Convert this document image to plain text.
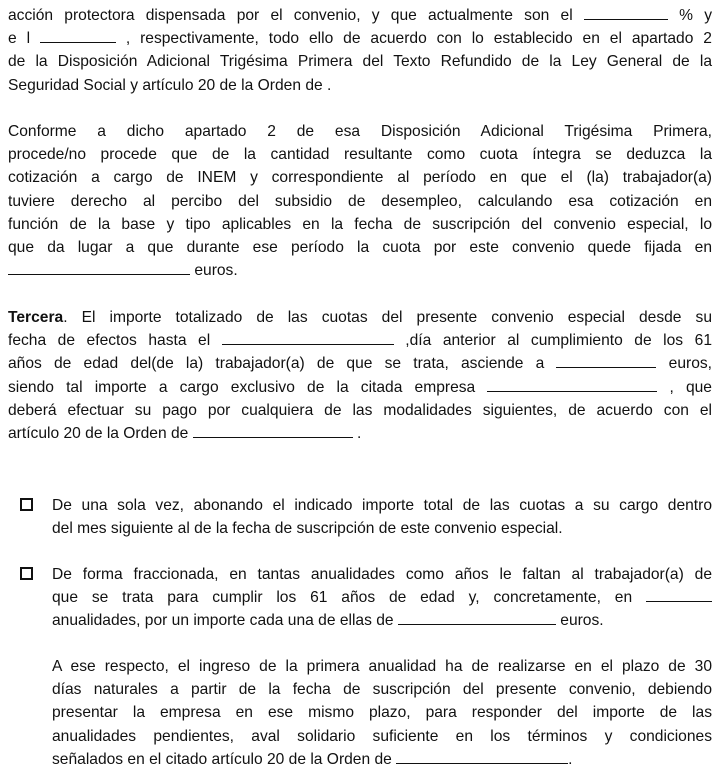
acción protectora dispensada por el convenio, y que actualmente son el	% y
e l	, respectivamente, todo ello de acuerdo con lo establecido en el apartado 2
de la Disposición Adicional Trigésima Primera del Texto Refundido de la Ley General de la
Seguridad Social y artículo 20 de la Orden de .
Conforme a dicho apartado 2 de esa Disposición Adicional Trigésima Primera,
procede/no procede que de la cantidad resultante como cuota íntegra se deduzca la
cotización a cargo de INEM y correspondiente al período en que el (la) trabajador(a)
tuviere derecho al percibo del subsidio de desempleo, calculando esa cotización en
función de la base y tipo aplicables en la fecha de suscripción del convenio especial, lo
que da lugar a que durante ese período la cuota por este convenio quede fijada en
euros.
Tercera. El importe totalizado de las cuotas del presente convenio especial desde su
fecha de efectos hasta el	,día anterior al cumplimiento de los 61
años de edad del(de la) trabajador(a) de que se trata, asciende a	euros,
siendo tal importe a cargo exclusivo de la citada empresa	, que
deberá efectuar su pago por cualquiera de las modalidades siguientes, de acuerdo con el
artículo 20 de la Orden de	.
De una sola vez, abonando el indicado importe total de las cuotas a su cargo dentro
del mes siguiente al de la fecha de suscripción de este convenio especial.
De forma fraccionada, en tantas anualidades como años le faltan al trabajador(a) de
que se trata para cumplir los 61 años de edad y, concretamente, en
anualidades, por un importe cada una de ellas de	euros.
A ese respecto, el ingreso de la primera anualidad ha de realizarse en el plazo de 30
días naturales a partir de la fecha de suscripción del presente convenio, debiendo
presentar la empresa en ese mismo plazo, para responder del importe de las
anualidades pendientes, aval solidario suficiente en los términos y condiciones
señalados en el citado artículo 20 de la Orden de	.
